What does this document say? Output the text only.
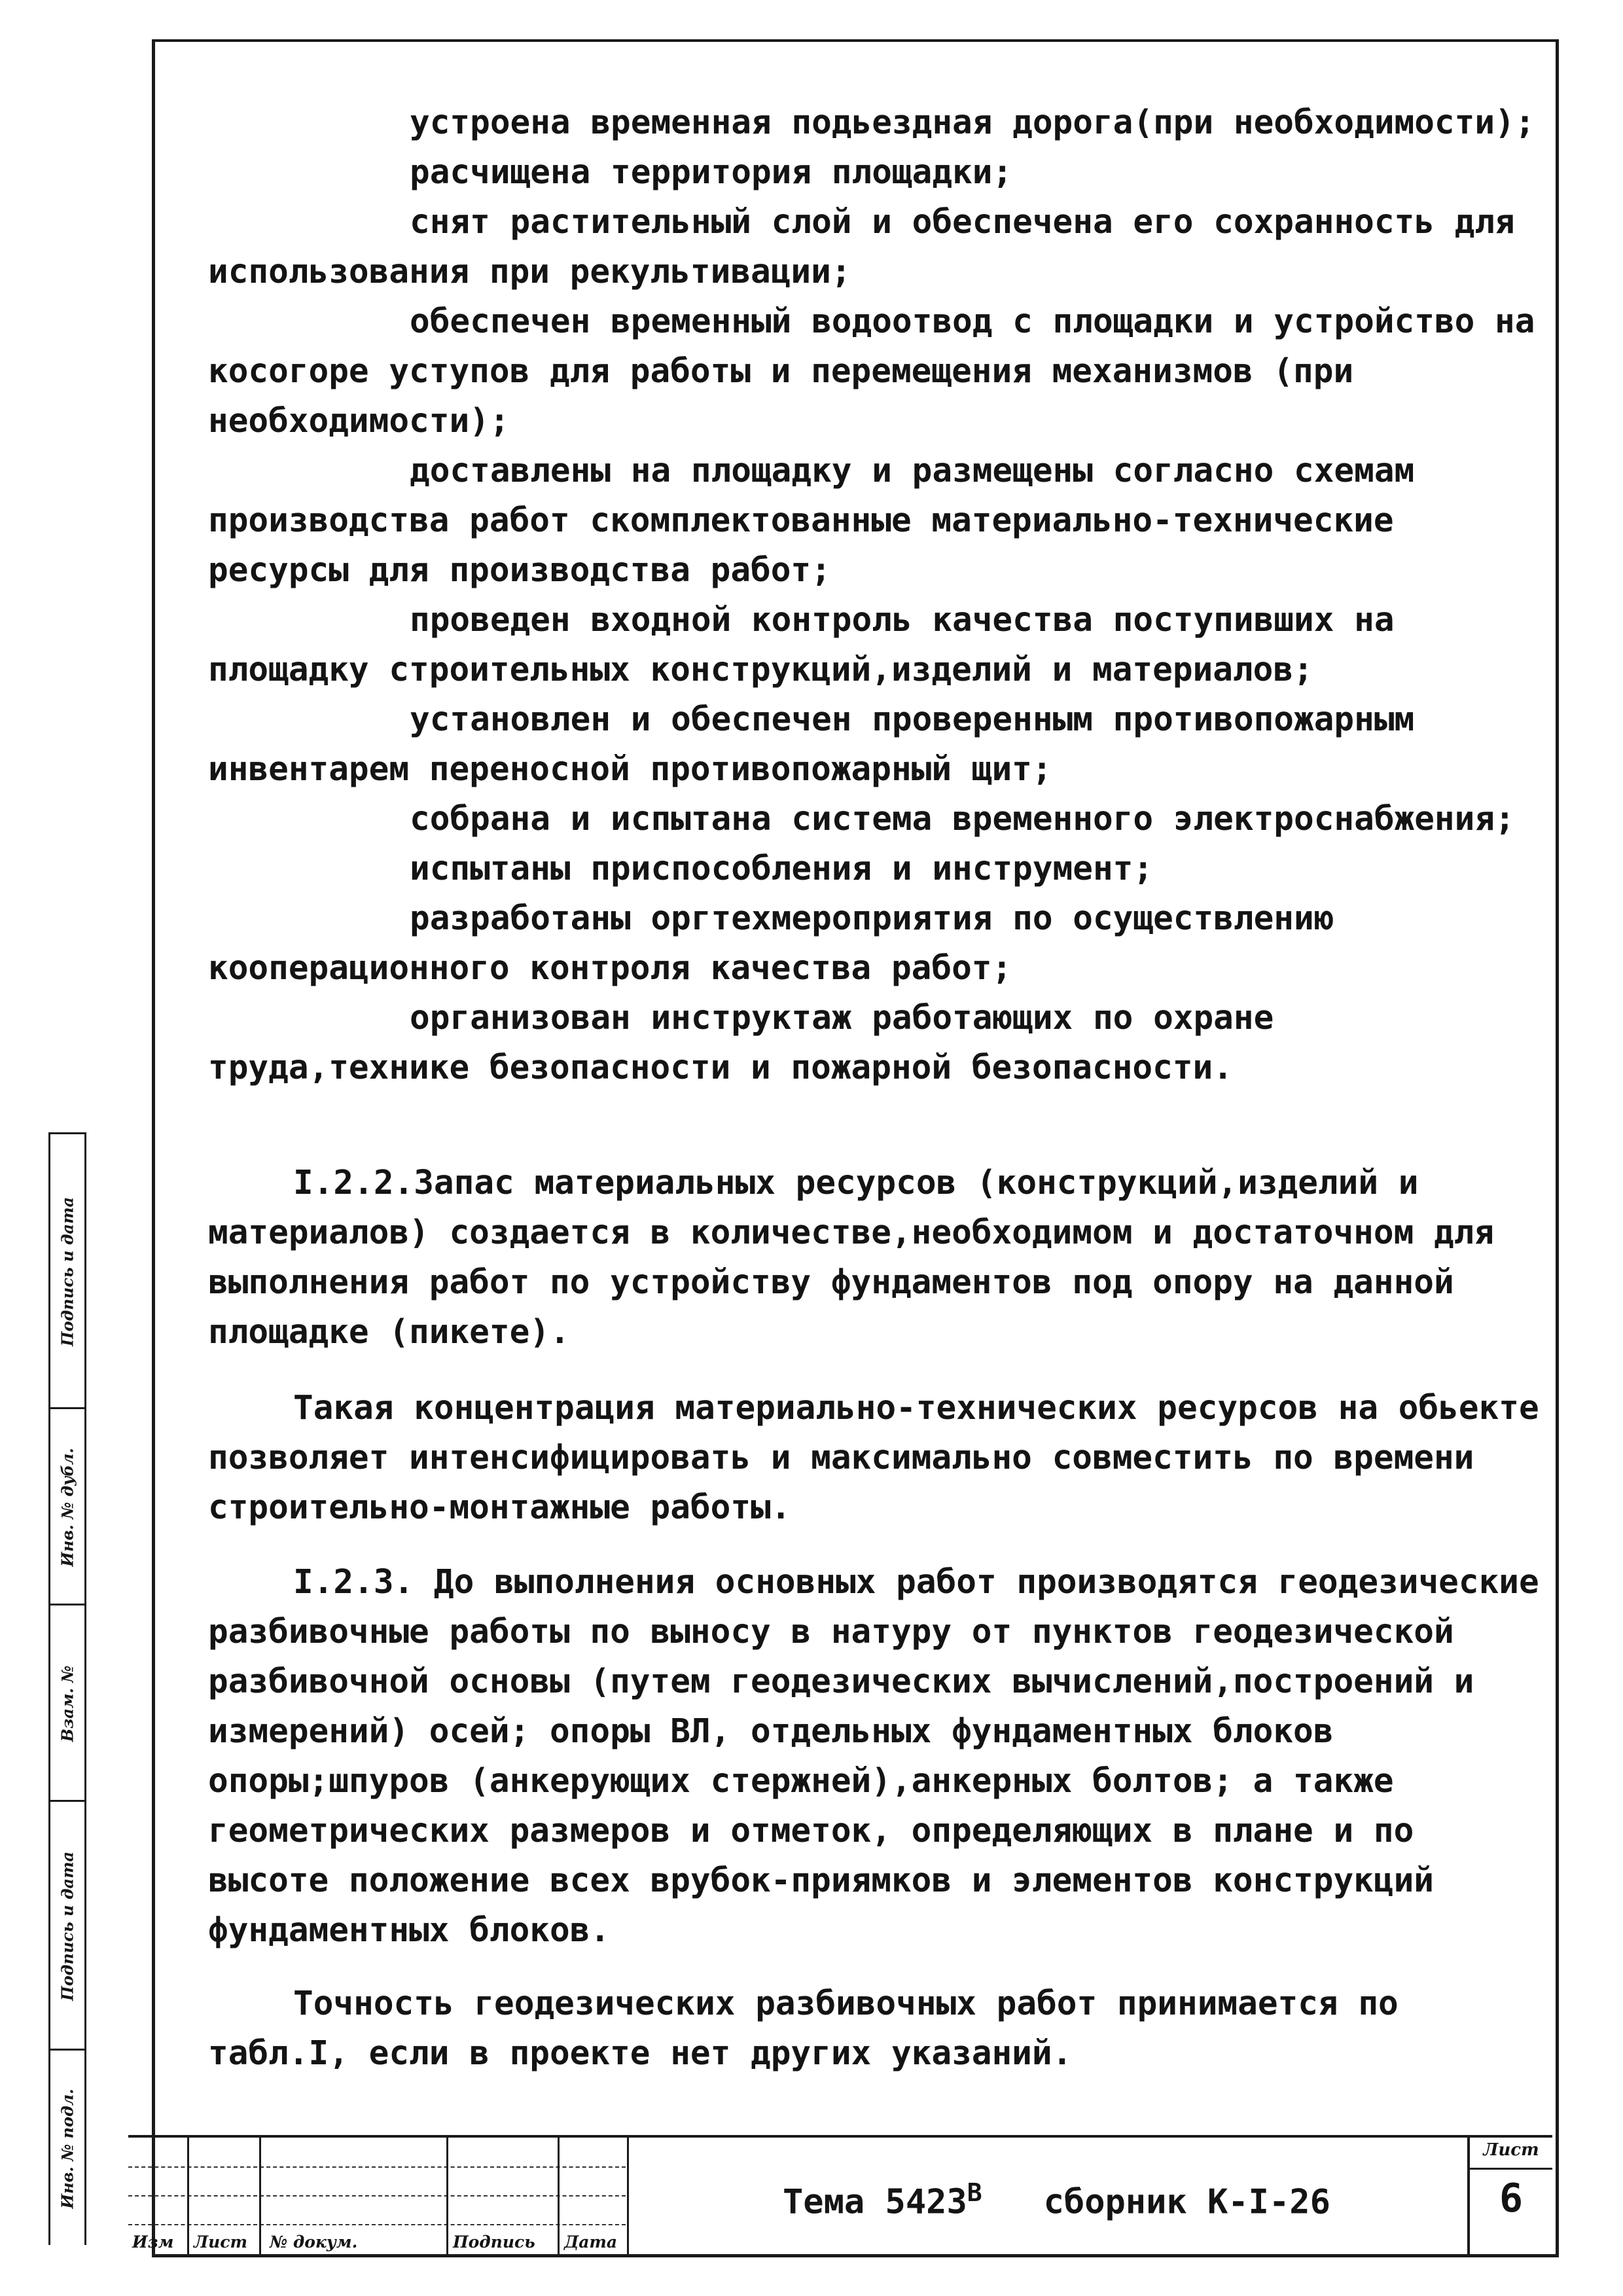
устроена временная подьездная дорога(при необходимости);

расчищена территория площадки;

снят растительный слой и обеспечена его сохранность для использования при рекультивации;

обеспечен временный водоотвод с площадки и устройство на косогоре уступов для работы и перемещения механизмов (при необходимости);

доставлены на площадку и размещены согласно схемам производства работ скомплектованные материально-технические ресурсы для производства работ;

проведен входной контроль качества поступивших на площадку строительных конструкций,изделий и материалов;

установлен и обеспечен проверенным противопожарным инвентарем переносной противопожарный щит;

собрана и испытана система временного электроснабжения;

испытаны приспособления и инструмент;

разработаны оргтехмероприятия по осуществлению кооперационного контроля качества работ;

организован инструктаж работающих по охране труда,технике безопасности и пожарной безопасности.

I.2.2.Запас материальных ресурсов (конструкций,изделий и материалов) создается в количестве,необходимом и достаточном для выполнения работ по устройству фундаментов под опору на данной площадке (пикете).

Такая концентрация материально-технических ресурсов на обьекте позволяет интенсифицировать и максимально совместить по времени строительно-монтажные работы.

I.2.3. До выполнения основных работ производятся геодезические разбивочные работы по выносу в натуру от пунктов геодезической разбивочной основы (путем геодезических вычислений,построений и измерений) осей; опоры ВЛ, отдельных фундаментных блоков опоры;шпуров (анкерующих стержней),анкерных болтов; а также геометрических размеров и отметок, определяющих в плане и по высоте положение всех врубок-приямков и элементов конструкций фундаментных блоков.

Точность геодезических разбивочных работ принимается по табл.I, если в проекте нет других указаний.

Подпись и дата
Инв. № дубл.
Взам. №
Подпись и дата
Инв. № подл.
Изм Лист № докум.	Подпись Дата
Тема $5423^В$ сборник К-I-26
Лист
6
